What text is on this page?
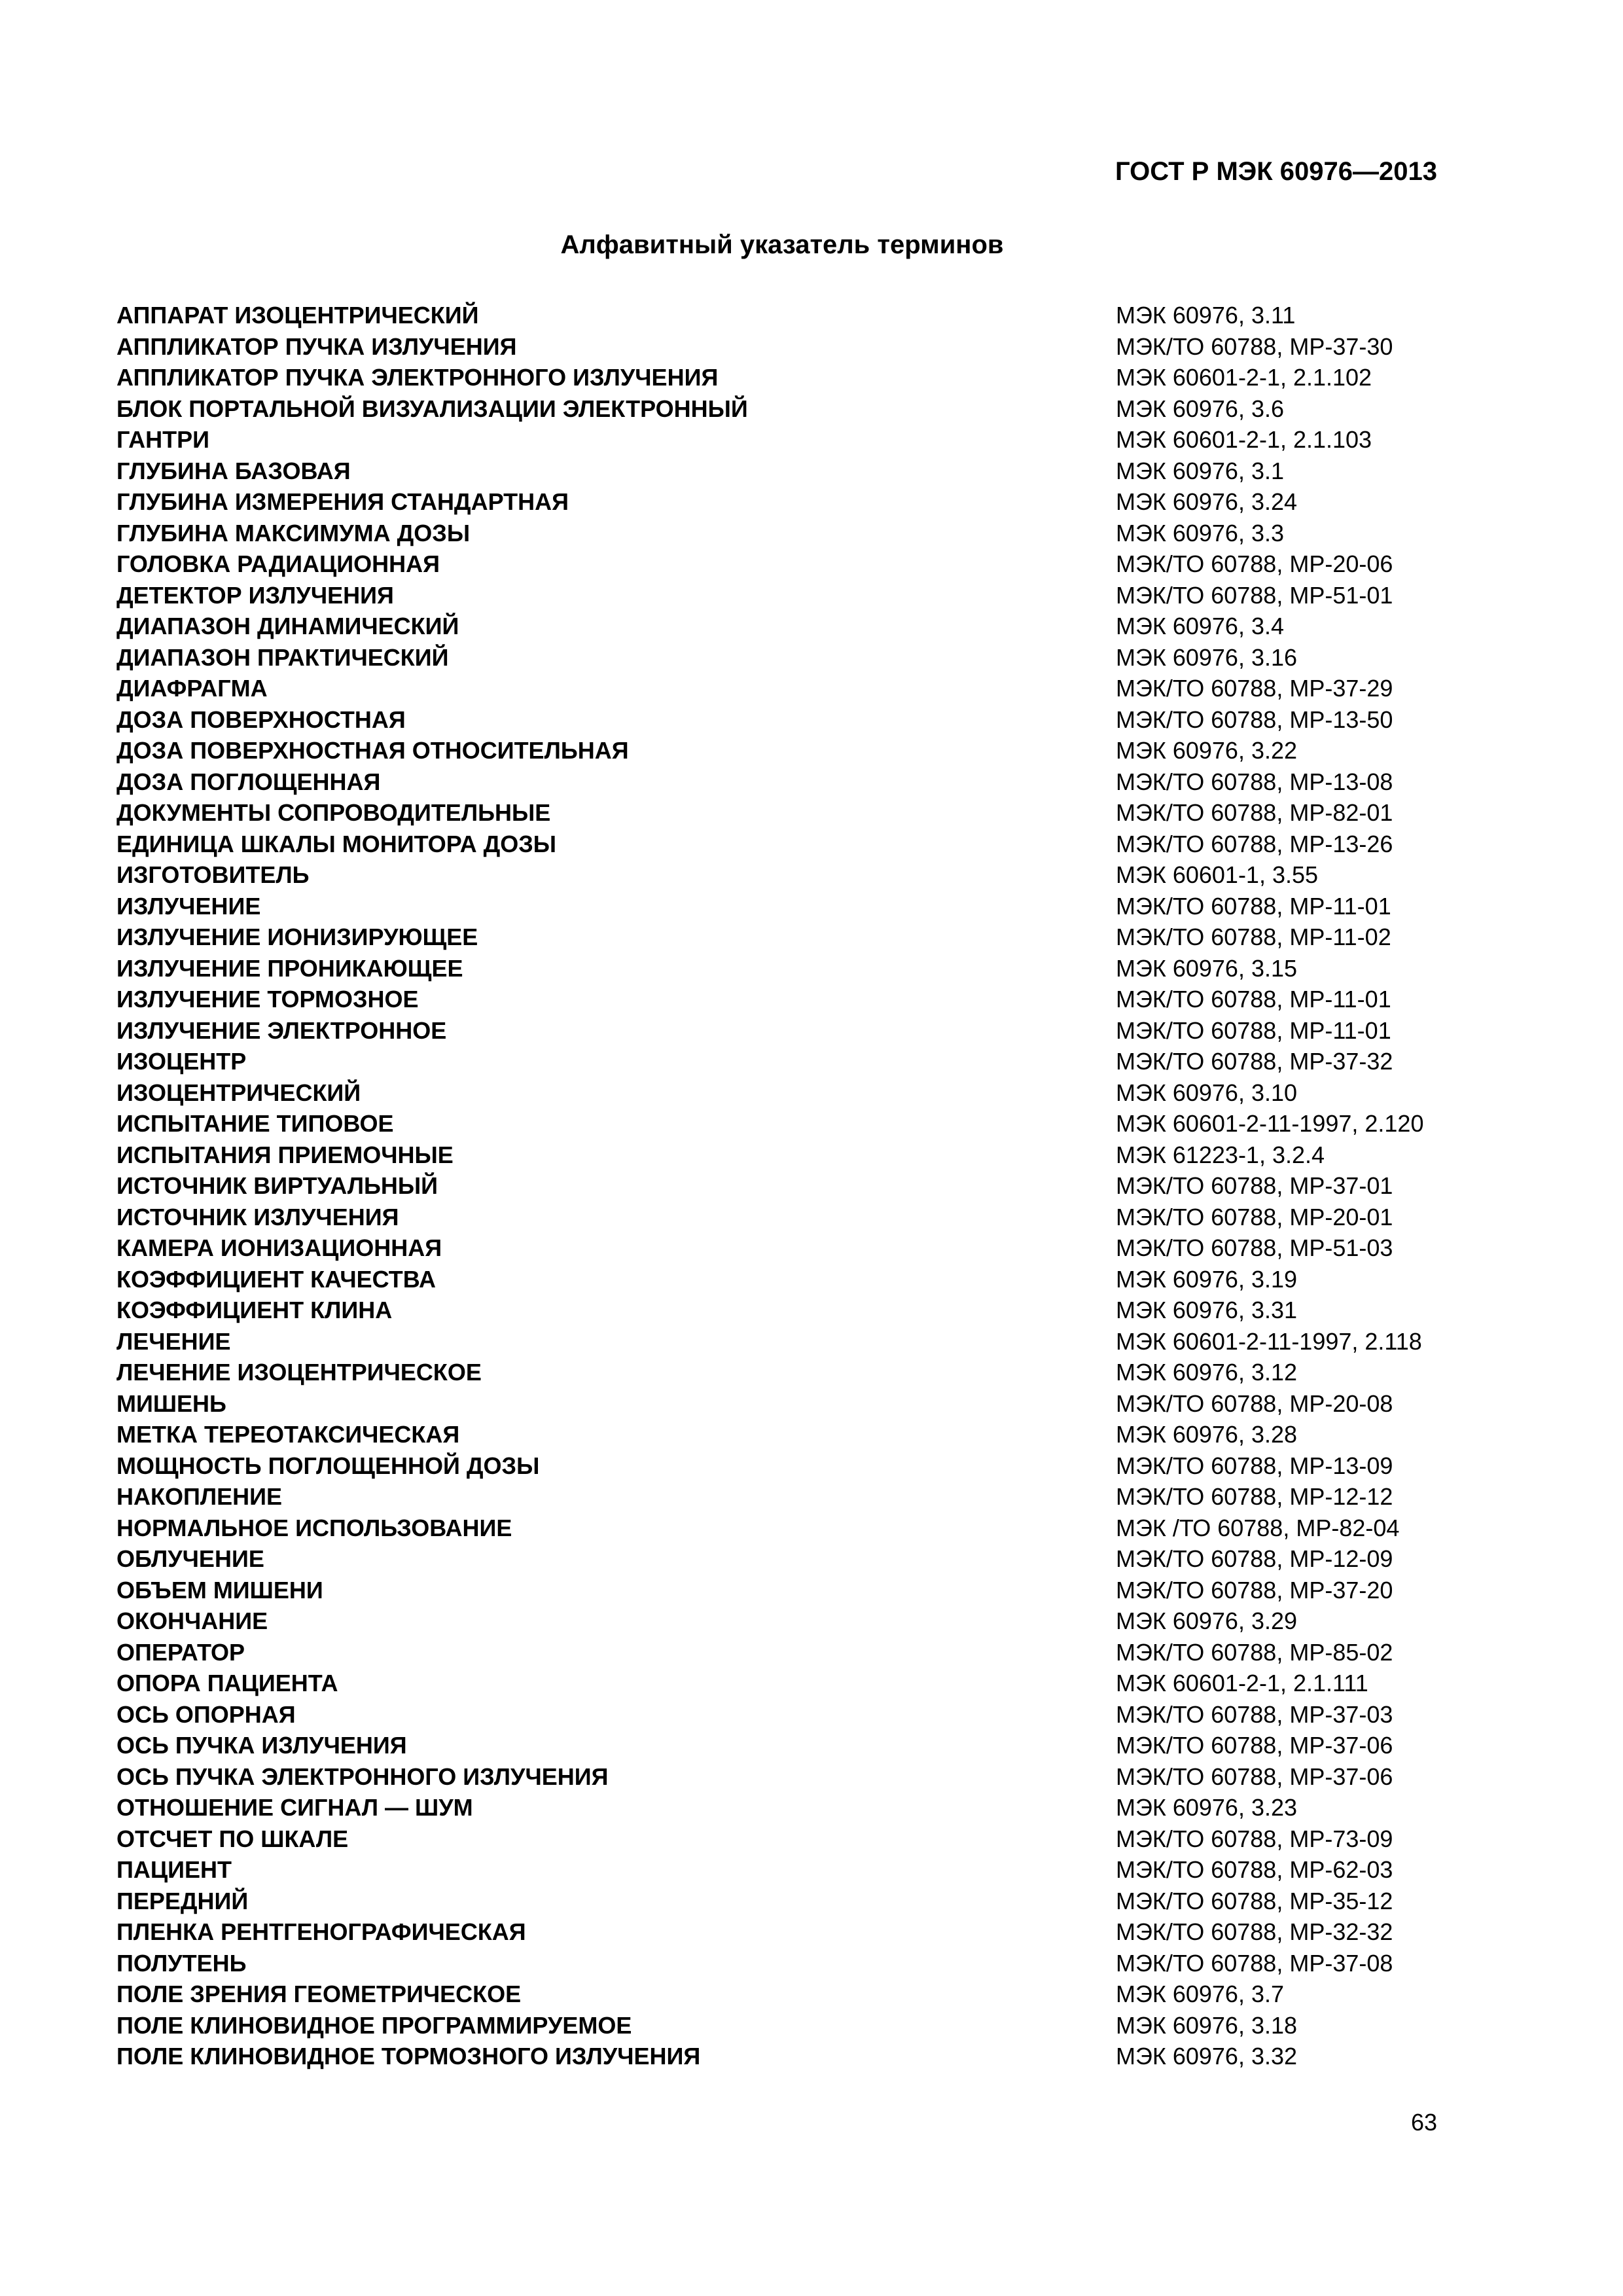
ГОСТ Р МЭК 60976—2013
Алфавитный указатель терминов
АППАРАТ ИЗОЦЕНТРИЧЕСКИЙ	МЭК 60976, 3.11
АППЛИКАТОР ПУЧКА ИЗЛУЧЕНИЯ	МЭК/ТО 60788, МР-37-30
АППЛИКАТОР ПУЧКА ЭЛЕКТРОННОГО ИЗЛУЧЕНИЯ	МЭК 60601-2-1, 2.1.102
БЛОК ПОРТАЛЬНОЙ ВИЗУАЛИЗАЦИИ ЭЛЕКТРОННЫЙ	МЭК 60976, 3.6
ГАНТРИ	МЭК 60601-2-1, 2.1.103
ГЛУБИНА БАЗОВАЯ	МЭК 60976, 3.1
ГЛУБИНА ИЗМЕРЕНИЯ СТАНДАРТНАЯ	МЭК 60976, 3.24
ГЛУБИНА МАКСИМУМА ДОЗЫ	МЭК 60976, 3.3
ГОЛОВКА РАДИАЦИОННАЯ	МЭК/ТО 60788, МР-20-06
ДЕТЕКТОР ИЗЛУЧЕНИЯ	МЭК/ТО 60788, МР-51-01
ДИАПАЗОН ДИНАМИЧЕСКИЙ	МЭК 60976, 3.4
ДИАПАЗОН ПРАКТИЧЕСКИЙ	МЭК 60976, 3.16
ДИАФРАГМА	МЭК/ТО 60788, МР-37-29
ДОЗА ПОВЕРХНОСТНАЯ	МЭК/ТО 60788, МР-13-50
ДОЗА ПОВЕРХНОСТНАЯ ОТНОСИТЕЛЬНАЯ	МЭК 60976, 3.22
ДОЗА ПОГЛОЩЕННАЯ	МЭК/ТО 60788, МР-13-08
ДОКУМЕНТЫ СОПРОВОДИТЕЛЬНЫЕ	МЭК/ТО 60788, МР-82-01
ЕДИНИЦА ШКАЛЫ МОНИТОРА ДОЗЫ	МЭК/ТО 60788, МР-13-26
ИЗГОТОВИТЕЛЬ	МЭК 60601-1, 3.55
ИЗЛУЧЕНИЕ	МЭК/ТО 60788, МР-11-01
ИЗЛУЧЕНИЕ ИОНИЗИРУЮЩЕЕ	МЭК/ТО 60788, МР-11-02
ИЗЛУЧЕНИЕ ПРОНИКАЮЩЕЕ	МЭК 60976, 3.15
ИЗЛУЧЕНИЕ ТОРМОЗНОЕ	МЭК/ТО 60788, МР-11-01
ИЗЛУЧЕНИЕ ЭЛЕКТРОННОЕ	МЭК/ТО 60788, МР-11-01
ИЗОЦЕНТР	МЭК/ТО 60788, МР-37-32
ИЗОЦЕНТРИЧЕСКИЙ	МЭК 60976, 3.10
ИСПЫТАНИЕ ТИПОВОЕ	МЭК 60601-2-11-1997, 2.120
ИСПЫТАНИЯ ПРИЕМОЧНЫЕ	МЭК 61223-1, 3.2.4
ИСТОЧНИК ВИРТУАЛЬНЫЙ	МЭК/ТО 60788, МР-37-01
ИСТОЧНИК ИЗЛУЧЕНИЯ	МЭК/ТО 60788, МР-20-01
КАМЕРА ИОНИЗАЦИОННАЯ	МЭК/ТО 60788, МР-51-03
КОЭФФИЦИЕНТ КАЧЕСТВА	МЭК 60976, 3.19
КОЭФФИЦИЕНТ КЛИНА	МЭК 60976, 3.31
ЛЕЧЕНИЕ	МЭК 60601-2-11-1997, 2.118
ЛЕЧЕНИЕ ИЗОЦЕНТРИЧЕСКОЕ	МЭК 60976, 3.12
МИШЕНЬ	МЭК/ТО 60788, МР-20-08
МЕТКА ТЕРЕОТАКСИЧЕСКАЯ	МЭК 60976, 3.28
МОЩНОСТЬ ПОГЛОЩЕННОЙ ДОЗЫ	МЭК/ТО 60788, МР-13-09
НАКОПЛЕНИЕ	МЭК/ТО 60788, МР-12-12
НОРМАЛЬНОЕ ИСПОЛЬЗОВАНИЕ	МЭК /ТО 60788, МР-82-04
ОБЛУЧЕНИЕ	МЭК/ТО 60788, МР-12-09
ОБЪЕМ МИШЕНИ	МЭК/ТО 60788, МР-37-20
ОКОНЧАНИЕ	МЭК 60976, 3.29
ОПЕРАТОР	МЭК/ТО 60788, МР-85-02
ОПОРА ПАЦИЕНТА	МЭК 60601-2-1, 2.1.111
ОСЬ ОПОРНАЯ	МЭК/ТО 60788, МР-37-03
ОСЬ ПУЧКА ИЗЛУЧЕНИЯ	МЭК/ТО 60788, МР-37-06
ОСЬ ПУЧКА ЭЛЕКТРОННОГО ИЗЛУЧЕНИЯ	МЭК/ТО 60788, МР-37-06
ОТНОШЕНИЕ СИГНАЛ — ШУМ	МЭК 60976, 3.23
ОТСЧЕТ ПО ШКАЛЕ	МЭК/ТО 60788, МР-73-09
ПАЦИЕНТ	МЭК/ТО 60788, МР-62-03
ПЕРЕДНИЙ	МЭК/ТО 60788, МР-35-12
ПЛЕНКА РЕНТГЕНОГРАФИЧЕСКАЯ	МЭК/ТО 60788, МР-32-32
ПОЛУТЕНЬ	МЭК/ТО 60788, МР-37-08
ПОЛЕ ЗРЕНИЯ ГЕОМЕТРИЧЕСКОЕ	МЭК 60976, 3.7
ПОЛЕ КЛИНОВИДНОЕ ПРОГРАММИРУЕМОЕ	МЭК 60976, 3.18
ПОЛЕ КЛИНОВИДНОЕ ТОРМОЗНОГО ИЗЛУЧЕНИЯ	МЭК 60976, 3.32
63
